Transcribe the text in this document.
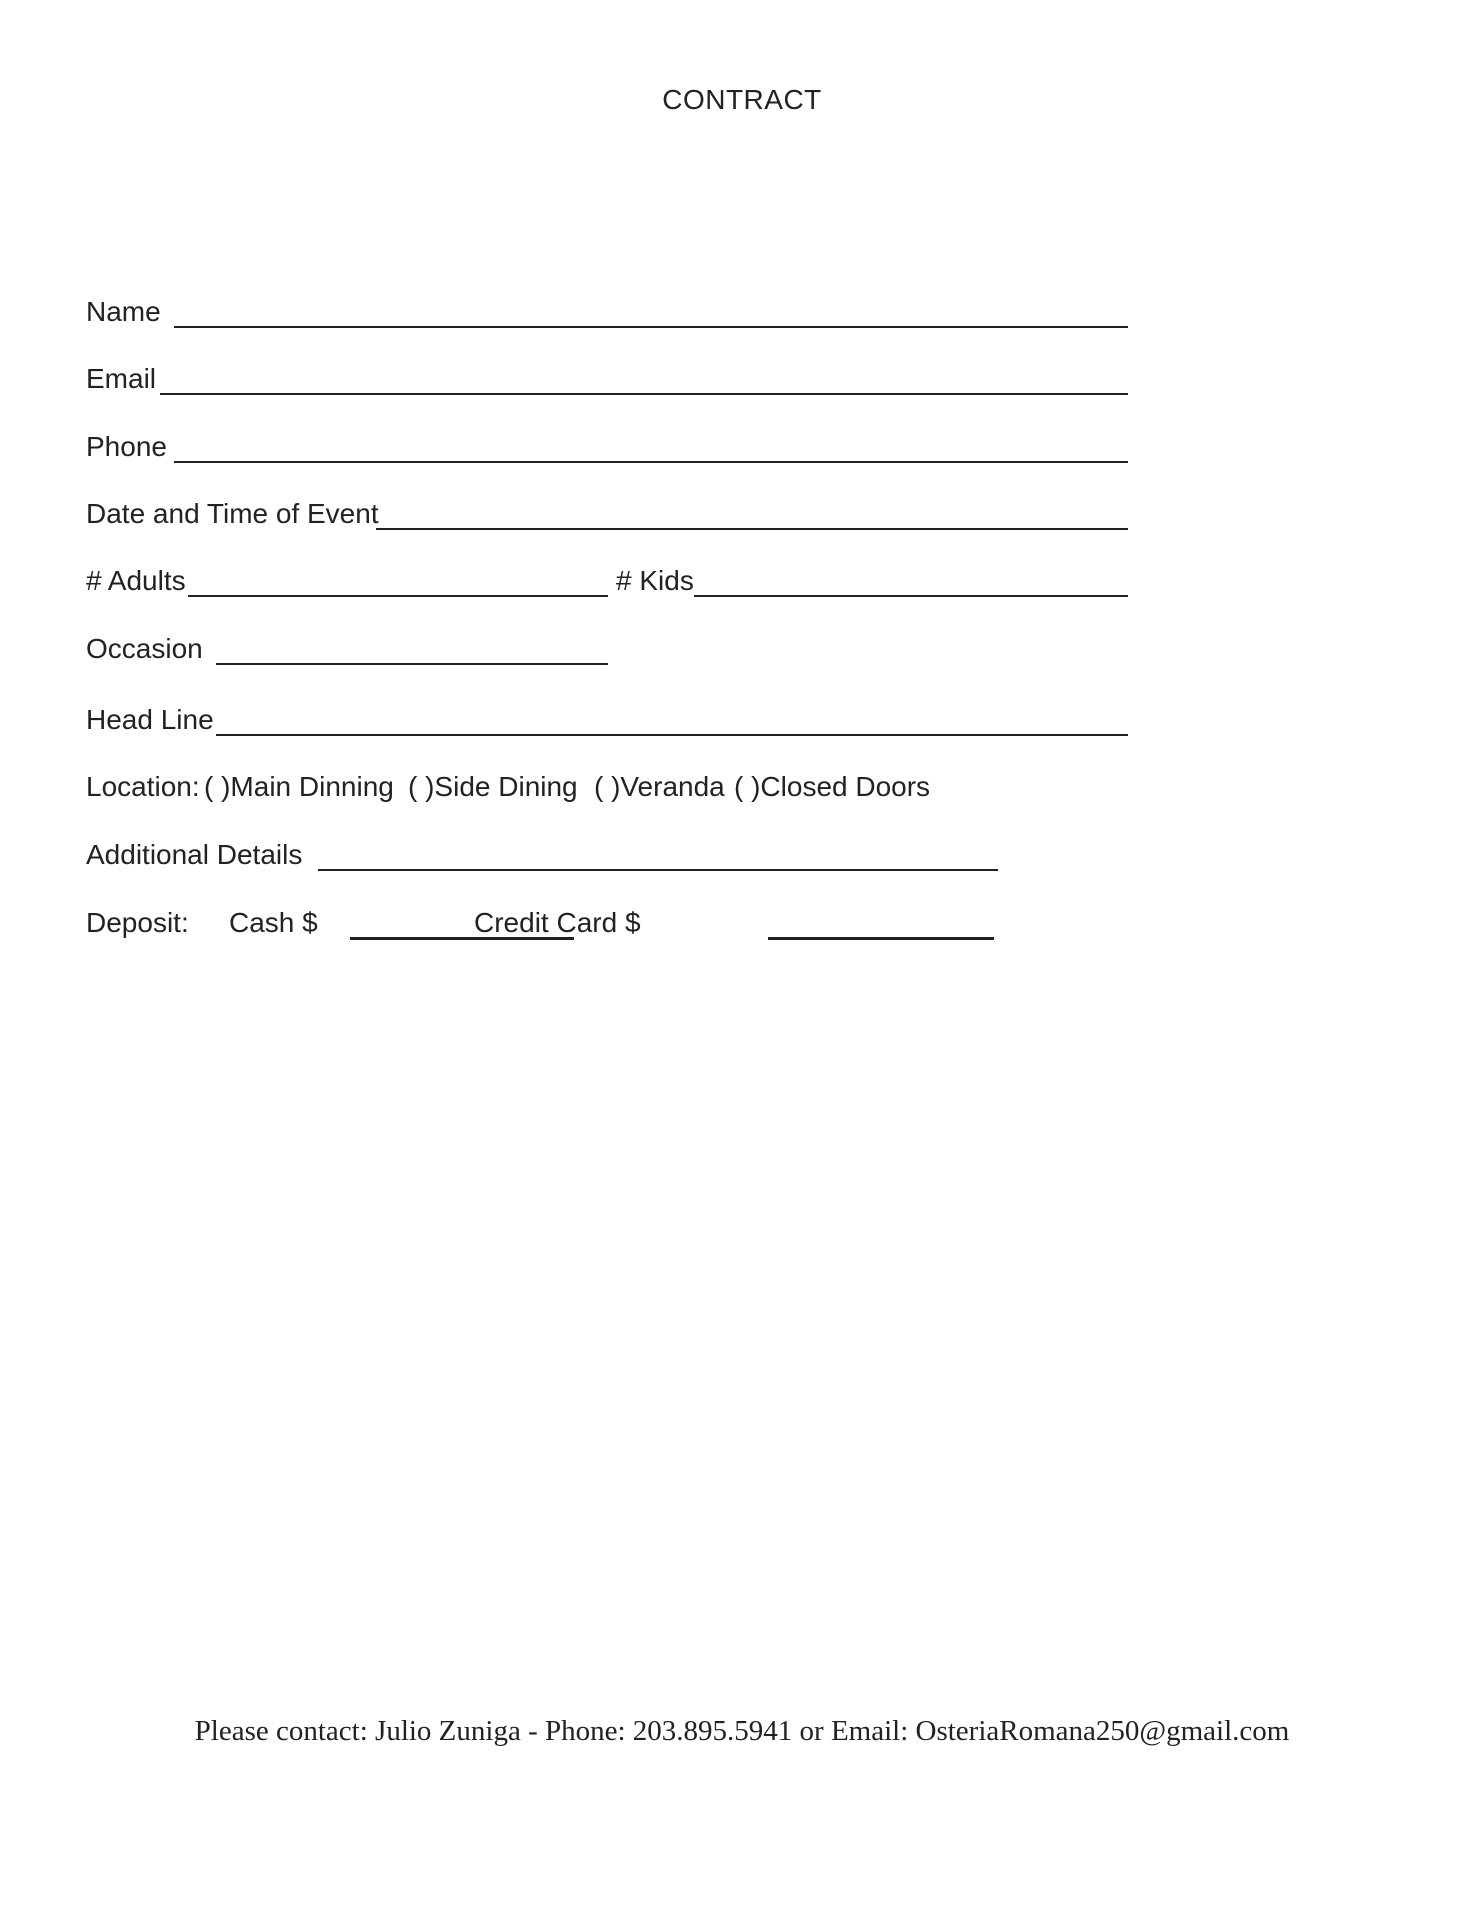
CONTRACT
Name
Email
Phone
Date and Time of Event
# Adults	# Kids
Occasion
Head Line
Location: ( )Main Dinning ( )Side Dining ( )Veranda ( )Closed Doors
Additional Details
Deposit: Cash $	Credit Card $
Please contact: Julio Zuniga - Phone: 203.895.5941 or Email: OsteriaRomana250@gmail.com
